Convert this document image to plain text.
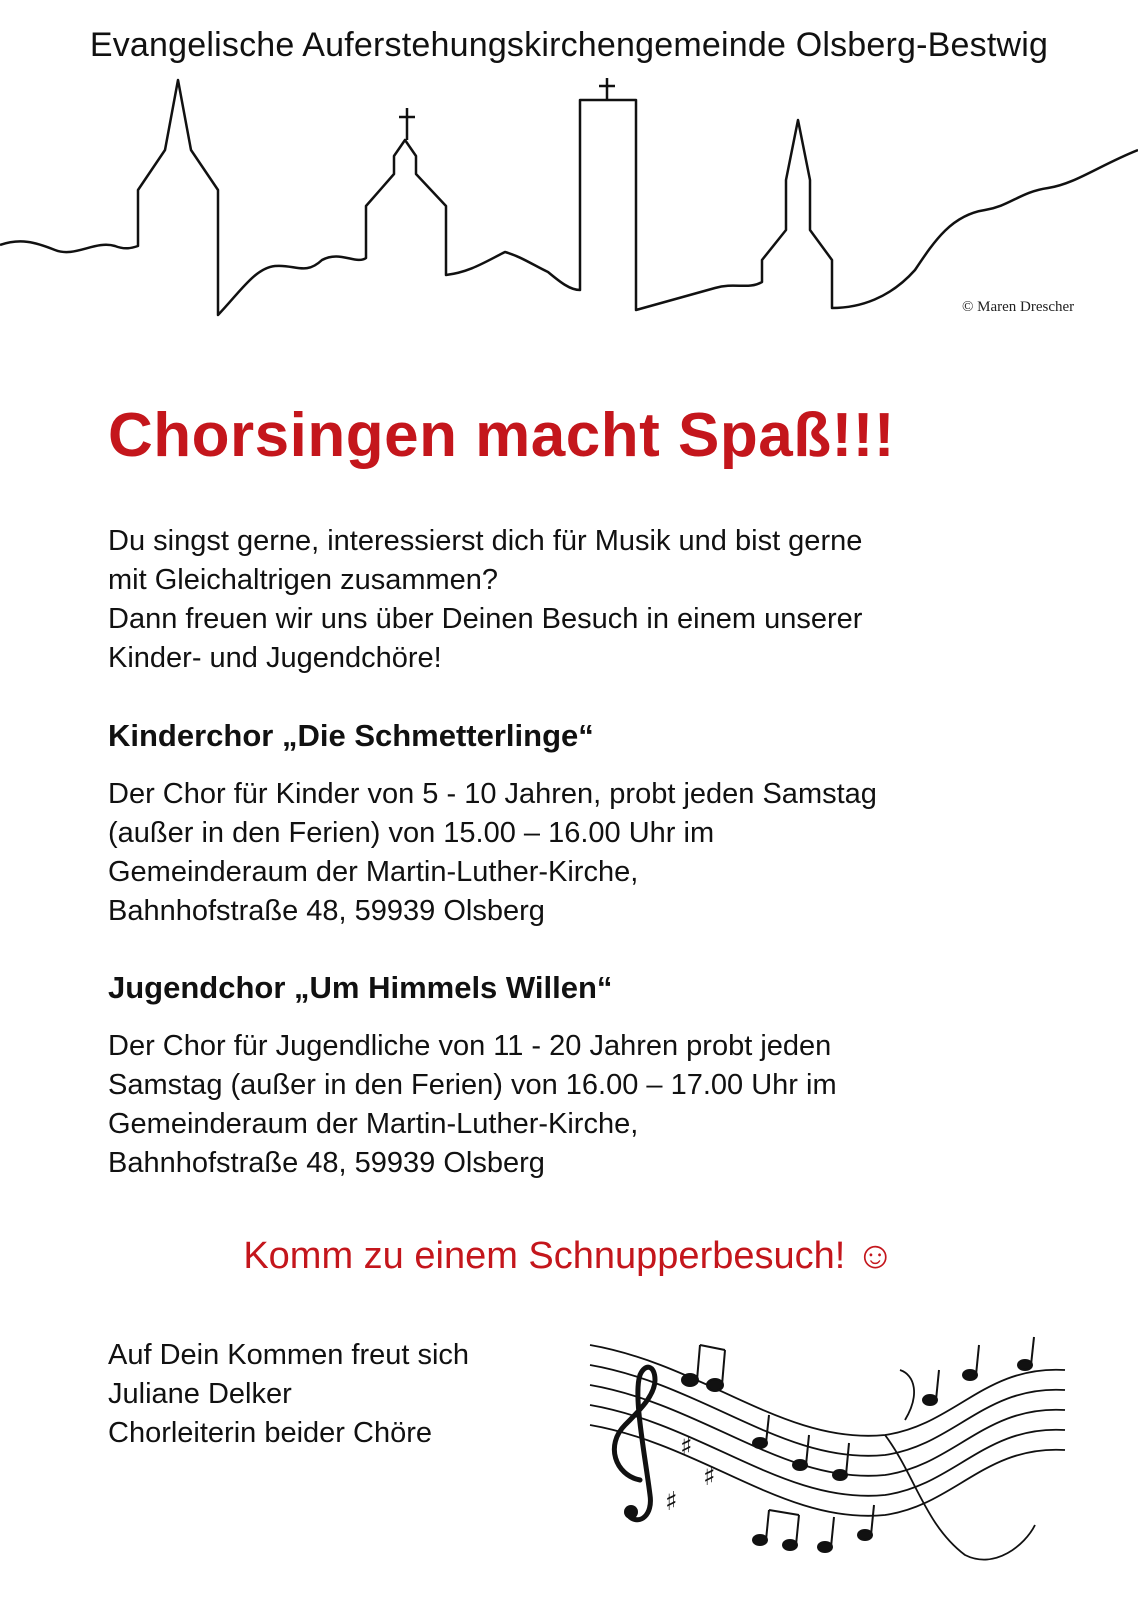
Evangelische Auferstehungskirchengemeinde Olsberg-Bestwig
© Maren Drescher
Chorsingen macht Spaß!!!

Du singst gerne, interessierst dich für Musik und bist gerne

mit Gleichaltrigen zusammen?

Dann freuen wir uns über Deinen Besuch in einem unserer

Kinder- und Jugendchöre!

Kinderchor „Die Schmetterlinge“

Der Chor für Kinder von 5 - 10 Jahren, probt jeden Samstag

(außer in den Ferien) von 15.00 – 16.00 Uhr im

Gemeinderaum der Martin-Luther-Kirche,

Bahnhofstraße 48, 59939 Olsberg

Jugendchor „Um Himmels Willen“

Der Chor für Jugendliche von 11 - 20 Jahren probt jeden

Samstag (außer in den Ferien) von 16.00 – 17.00 Uhr im

Gemeinderaum der Martin-Luther-Kirche,

Bahnhofstraße 48, 59939 Olsberg

Komm zu einem Schnupperbesuch! ☺

Auf Dein Kommen freut sich

Juliane Delker

Chorleiterin beider Chöre	♯
♯
♯
